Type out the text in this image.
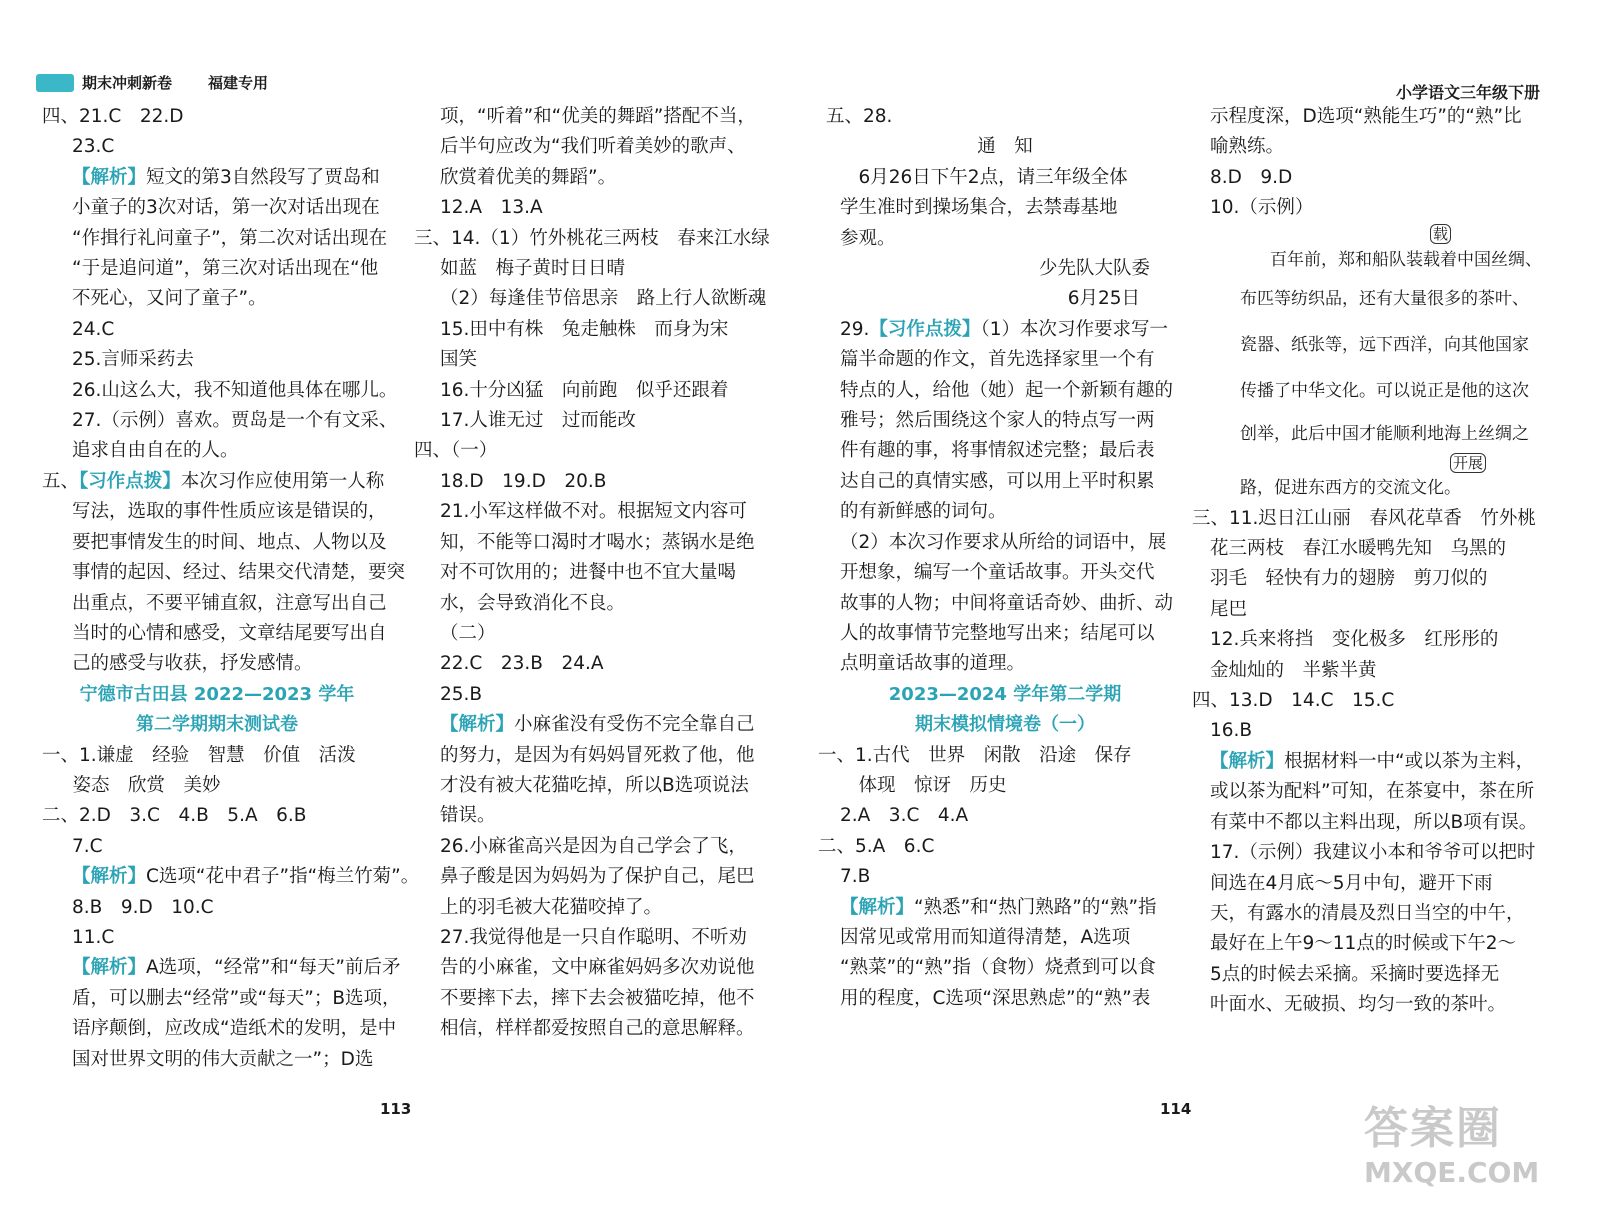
期末冲刺新卷 福建专用	小学语文三年级下册
四、21.C　22.D
23.C
【解析】短文的第3自然段写了贾岛和
小童子的3次对话，第一次对话出现在
“作揖行礼问童子”，第二次对话出现在
“于是追问道”，第三次对话出现在“他
不死心，又问了童子”。
24.C
25.言师采药去
26.山这么大，我不知道他具体在哪儿。
27.（示例）喜欢。贾岛是一个有文采、
追求自由自在的人。
五、【习作点拨】本次习作应使用第一人称
写法，选取的事件性质应该是错误的，
要把事情发生的时间、地点、人物以及
事情的起因、经过、结果交代清楚，要突
出重点，不要平铺直叙，注意写出自己
当时的心情和感受，文章结尾要写出自
己的感受与收获，抒发感情。
宁德市古田县 2022—2023 学年
第二学期期末测试卷
一、1.谦虚　经验　智慧　价值　活泼
　姿态　欣赏　美妙
二、2.D　3.C　4.B　5.A　6.B
7.C
【解析】C选项“花中君子”指“梅兰竹菊”。
8.B　9.D　10.C
11.C
【解析】A选项，“经常”和“每天”前后矛
盾，可以删去“经常”或“每天”；B选项，
语序颠倒，应改成“造纸术的发明，是中
国对世界文明的伟大贡献之一”；D选
项，“听着”和“优美的舞蹈”搭配不当，
后半句应改为“我们听着美妙的歌声、
欣赏着优美的舞蹈”。
12.A　13.A
三、14.（1）竹外桃花三两枝　春来江水绿
如蓝　梅子黄时日日晴
（2）每逢佳节倍思亲　路上行人欲断魂
15.田中有株　兔走触株　而身为宋
国笑
16.十分凶猛　向前跑　似乎还跟着
17.人谁无过　过而能改
四、（一）
18.D　19.D　20.B
21.小军这样做不对。根据短文内容可
知，不能等口渴时才喝水；蒸锅水是绝
对不可饮用的；进餐中也不宜大量喝
水，会导致消化不良。
（二）
22.C　23.B　24.A
25.B
【解析】小麻雀没有受伤不完全靠自己
的努力，是因为有妈妈冒死救了他，他
才没有被大花猫吃掉，所以B选项说法
错误。
26.小麻雀高兴是因为自己学会了飞，
鼻子酸是因为妈妈为了保护自己，尾巴
上的羽毛被大花猫咬掉了。
27.我觉得他是一只自作聪明、不听劝
告的小麻雀，文中麻雀妈妈多次劝说他
不要摔下去，摔下去会被猫吃掉，他不
相信，样样都爱按照自己的意思解释。
五、28.
通　知
　6月26日下午2点，请三年级全体
学生准时到操场集合，去禁毒基地
参观。
少先队大队委
6月25日
29.【习作点拨】（1）本次习作要求写一
篇半命题的作文，首先选择家里一个有
特点的人，给他（她）起一个新颖有趣的
雅号；然后围绕这个家人的特点写一两
件有趣的事，将事情叙述完整；最后表
达自己的真情实感，可以用上平时积累
的有新鲜感的词句。
（2）本次习作要求从所给的词语中，展
开想象，编写一个童话故事。开头交代
故事的人物；中间将童话奇妙、曲折、动
人的故事情节完整地写出来；结尾可以
点明童话故事的道理。
2023—2024 学年第二学期
期末模拟情境卷（一）
一、1.古代　世界　闲散　沿途　保存
　体现　惊讶　历史
2.A　3.C　4.A
二、5.A　6.C
7.B
【解析】“熟悉”和“热门熟路”的“熟”指
因常见或常用而知道得清楚，A选项
“熟菜”的“熟”指（食物）烧煮到可以食
用的程度，C选项“深思熟虑”的“熟”表
示程度深，D选项“熟能生巧”的“熟”比
喻熟练。
8.D　9.D
10.（示例）
载
百年前，郑和船队装载着中国丝绸、
布匹等纺织品，还有大量很多的茶叶、
瓷器、纸张等，远下西洋，向其他国家
传播了中华文化。可以说正是他的这次
创举，此后中国才能顺利地海上丝绸之
开展
路，促进东西方的交流文化。
三、11.迟日江山丽　春风花草香　竹外桃
花三两枝　春江水暖鸭先知　乌黑的
羽毛　轻快有力的翅膀　剪刀似的
尾巴
12.兵来将挡　变化极多　红彤彤的
金灿灿的　半紫半黄
四、13.D　14.C　15.C
16.B
【解析】根据材料一中“或以茶为主料，
或以茶为配料”可知，在茶宴中，茶在所
有菜中不都以主料出现，所以B项有误。
17.（示例）我建议小本和爷爷可以把时
间选在4月底～5月中旬，避开下雨
天，有露水的清晨及烈日当空的中午，
最好在上午9～11点的时候或下午2～
5点的时候去采摘。采摘时要选择无
叶面水、无破损、均匀一致的茶叶。
113	114	答案圈
MXQE.COM
